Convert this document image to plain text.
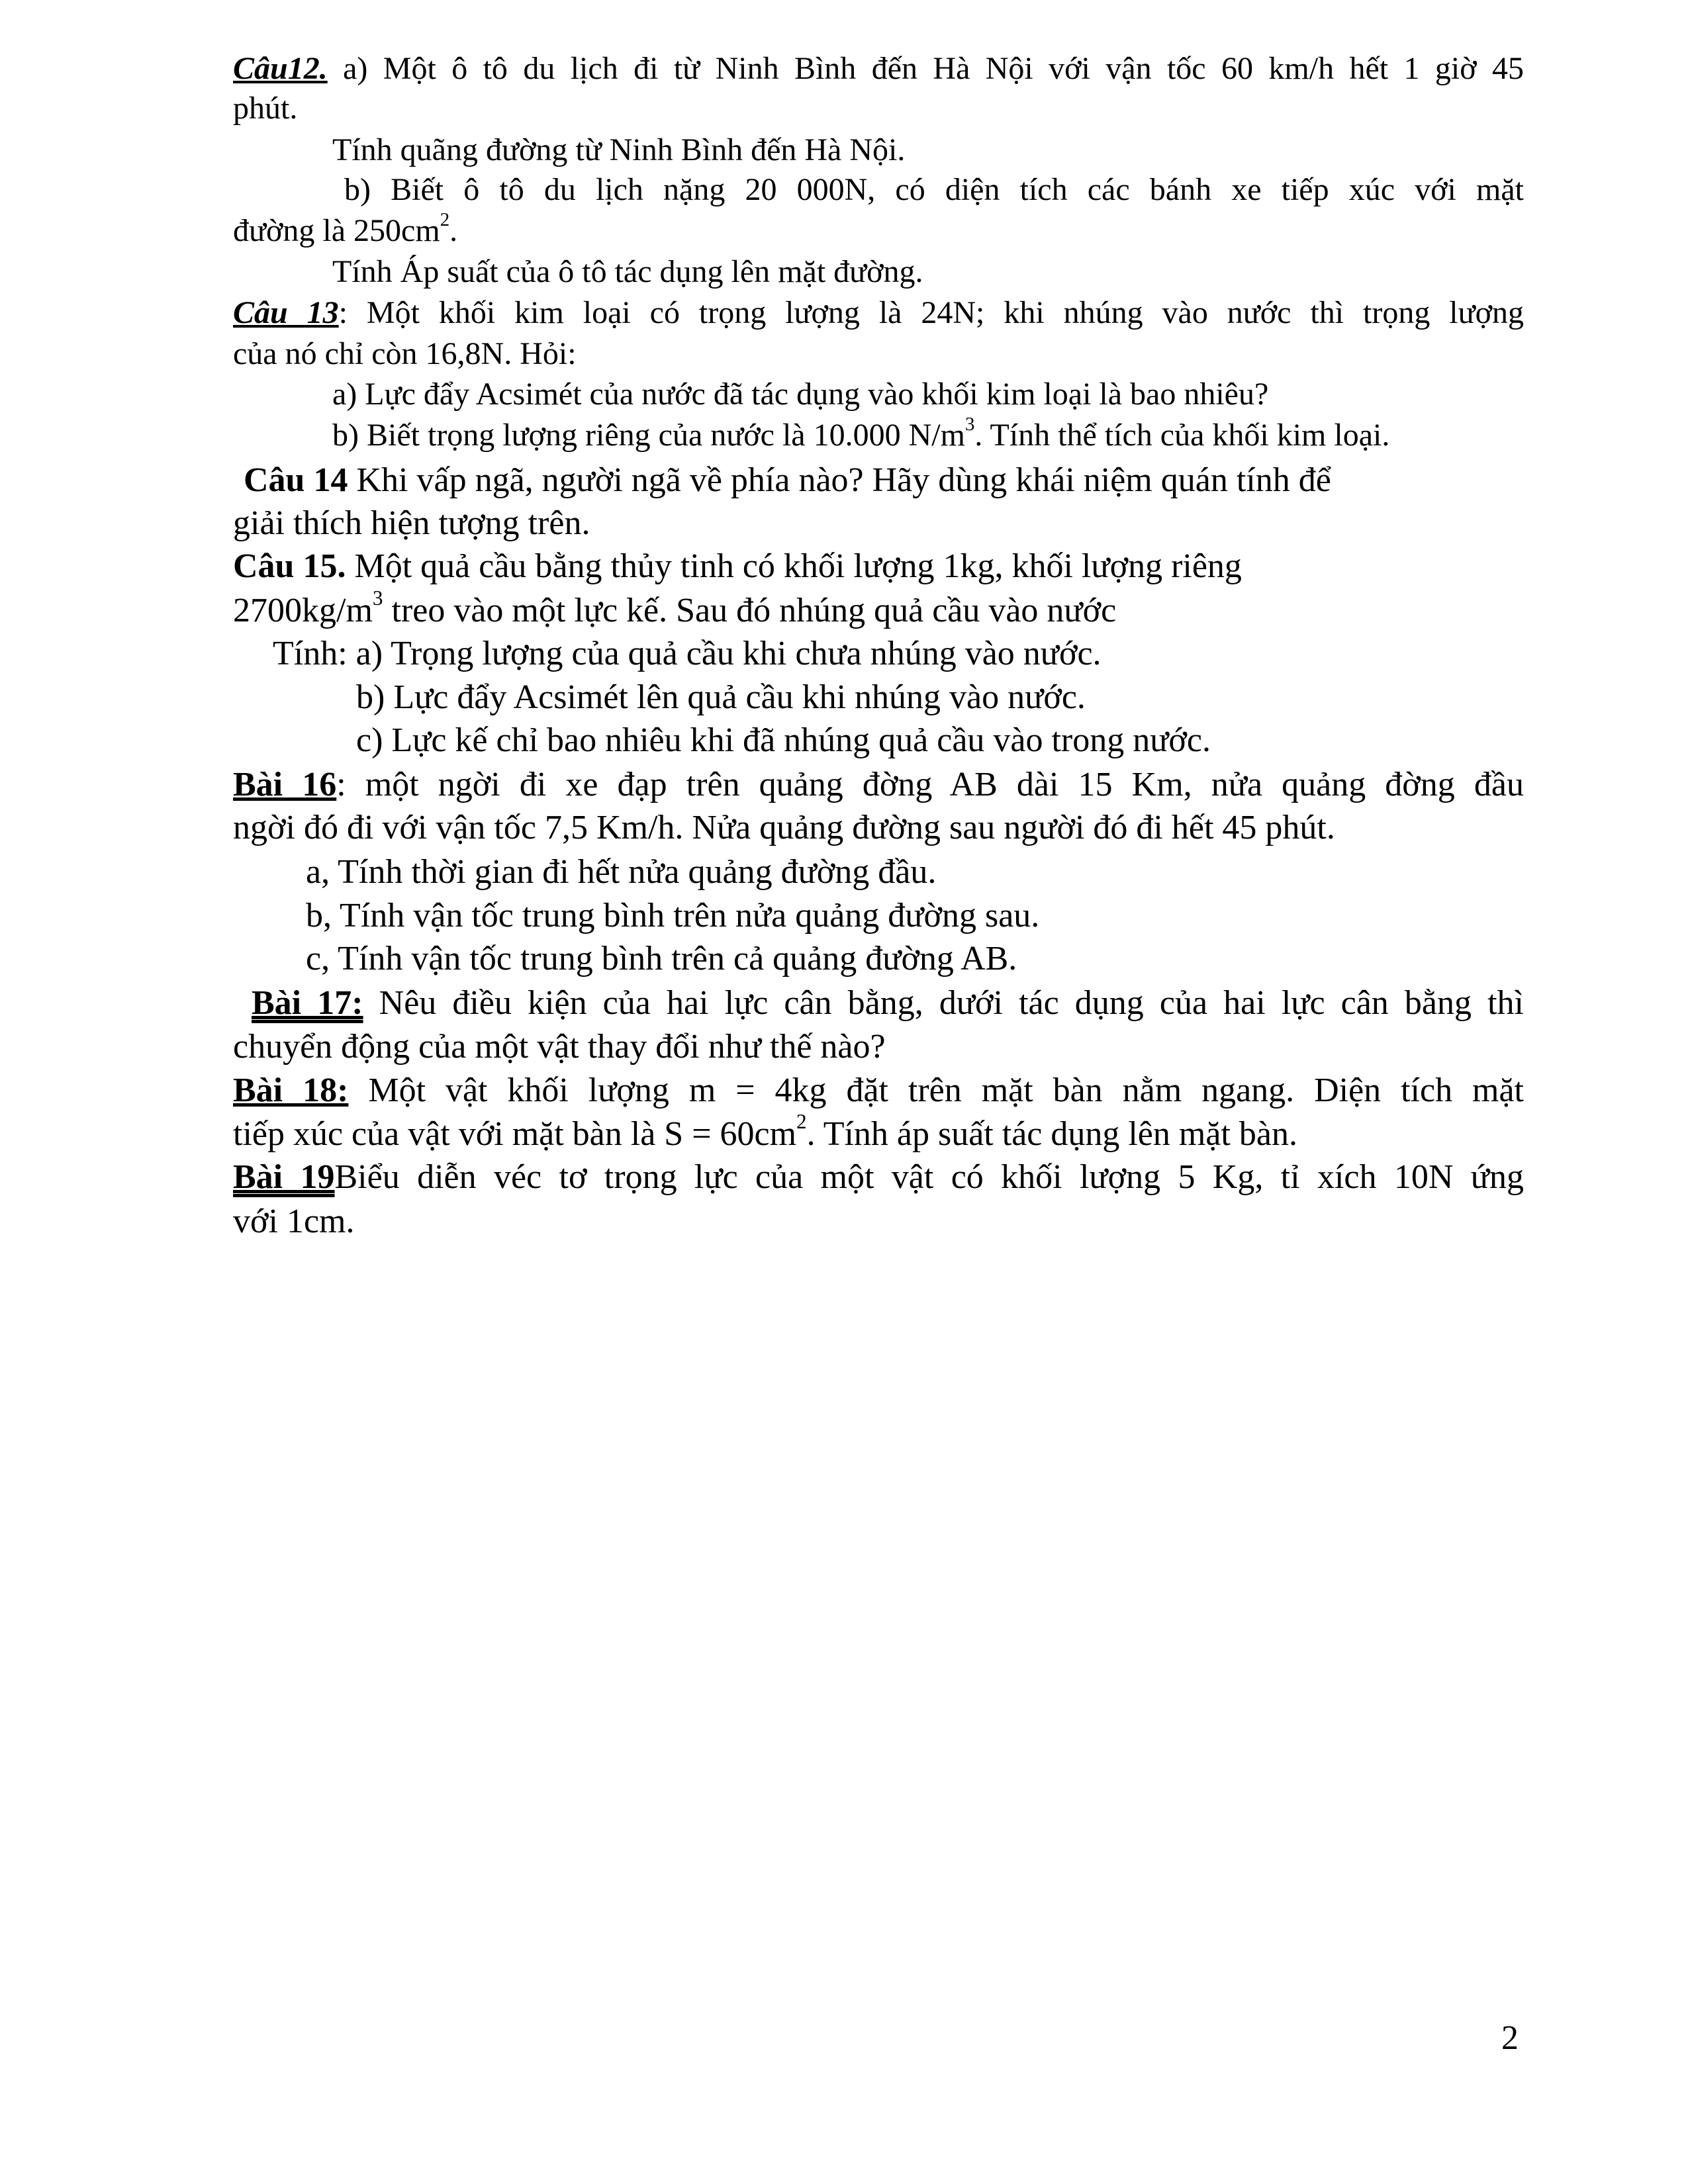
Câu12. a) Một ô tô du lịch đi từ Ninh Bình đến Hà Nội với vận tốc 60 km/h hết 1 giờ 45
phút.
Tính quãng đường từ Ninh Bình đến Hà Nội.
b) Biết ô tô du lịch nặng 20 000N, có diện tích các bánh xe tiếp xúc với mặt
đường là $250cm^2$.
Tính Áp suất của ô tô tác dụng lên mặt đường.
Câu 13: Một khối kim loại có trọng lượng là 24N; khi nhúng vào nước thì trọng lượng
của nó chỉ còn 16,8N. Hỏi:
a) Lực đẩy Acsimét của nước đã tác dụng vào khối kim loại là bao nhiêu?
b) Biết trọng lượng riêng của nước là 10.000 $N/m^3$. Tính thể tích của khối kim loại.
Câu 14 Khi vấp ngã, người ngã về phía nào? Hãy dùng khái niệm quán tính để
giải thích hiện tượng trên.
Câu 15. Một quả cầu bằng thủy tinh có khối lượng 1kg, khối lượng riêng
$2700kg/m^3$ treo vào một lực kế. Sau đó nhúng quả cầu vào nước
Tính: a) Trọng lượng của quả cầu khi chưa nhúng vào nước.
b) Lực đẩy Acsimét lên quả cầu khi nhúng vào nước.
c) Lực kế chỉ bao nhiêu khi đã nhúng quả cầu vào trong nước.
Bài 16: một ngời đi xe đạp trên quảng đờng AB dài 15 Km, nửa quảng đờng đầu
ngời đó đi với vận tốc 7,5 Km/h. Nửa quảng đường sau người đó đi hết 45 phút.
a, Tính thời gian đi hết nửa quảng đường đầu.
b, Tính vận tốc trung bình trên nửa quảng đường sau.
c, Tính vận tốc trung bình trên cả quảng đường AB.
Bài 17: Nêu điều kiện của hai lực cân bằng, dưới tác dụng của hai lực cân bằng thì
chuyển động của một vật thay đổi như thế nào?
Bài 18: Một vật khối lượng m = 4kg đặt trên mặt bàn nằm ngang. Diện tích mặt
tiếp xúc của vật với mặt bàn là $S = 60cm^2$. Tính áp suất tác dụng lên mặt bàn.
Bài 19Biểu diễn véc tơ trọng lực của một vật có khối lượng 5 Kg, tỉ xích 10N ứng
với 1cm.
2
